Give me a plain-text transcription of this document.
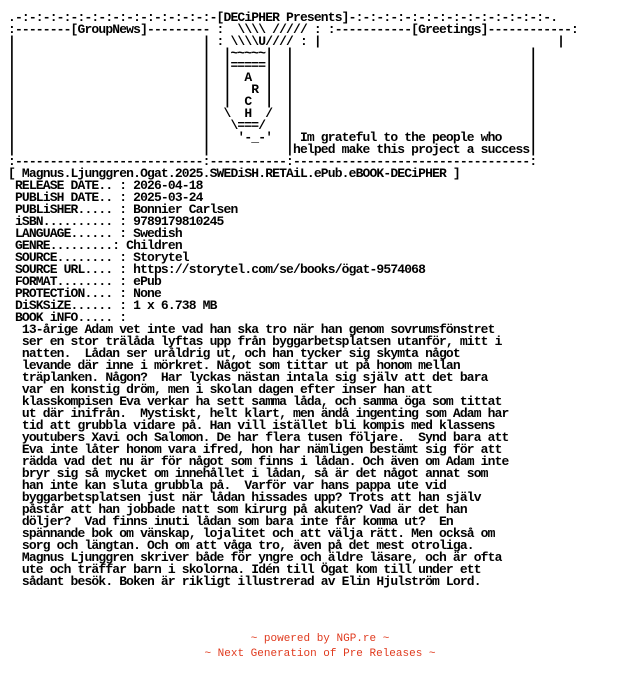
.-:-:-:-:-:-:-:-:-:-:-:-:-:-:-[DECiPHER Presents]-:-:-:-:-:-:-:-:-:-:-:-:-:-:-.
:--------[GroupNews]--------- :  \\\\ ///// : :-----------[Greetings]------------:
|                           | : \\\\U//// : |                                  |
|                           |  |~~~~~|  |                                  |
|                           |  |=====|  |                                  |
|                           |  |  A  |  |                                  |
|                           |  |   R |  |                                  |
|                           |  |  C  |  |                                  |
|                           |  \  H  /  |                                  |
|                           |   \===/   |                                  |
|                           |    '-_-'  | Im grateful to the people who    |
|                           |           |helped make this project a success|
:---------------------------:-----------:----------------------------------:
[ Magnus.Ljunggren.Ogat.2025.SWEDiSH.RETAiL.ePub.eBOOK-DECiPHER ]
RELEASE DATE.. : 2026-04-18
PUBLiSH DATE.. : 2025-03-24
PUBLiSHER..... : Bonnier Carlsen
iSBN.......... : 9789179810245
LANGUAGE...... : Swedish
GENRE.........: Children
SOURCE........ : Storytel
SOURCE URL.... : https://storytel.com/se/books/ögat-9574068
FORMAT........ : ePub
PROTECTiON.... : None
DiSKSiZE...... : 1 x 6.738 MB
BOOK iNFO..... :
13-årige Adam vet inte vad han ska tro när han genom sovrumsfönstret
ser en stor trälåda lyftas upp från byggarbetsplatsen utanför, mitt i
natten.  Lådan ser uråldrig ut, och han tycker sig skymta något
levande där inne i mörkret. Något som tittar ut på honom mellan
träplanken. Någon?  Har lyckas nästan intala sig själv att det bara
var en konstig dröm, men i skolan dagen efter inser han att
klasskompisen Eva verkar ha sett samma låda, och samma öga som tittat
ut där inifrån.  Mystiskt, helt klart, men ändå ingenting som Adam har
tid att grubbla vidare på. Han vill istället bli kompis med klassens
youtubers Xavi och Salomon. De har flera tusen följare.  Synd bara att
Eva inte låter honom vara ifred, hon har nämligen bestämt sig för att
rädda vad det nu är för något som finns i lådan. Och även om Adam inte
bryr sig så mycket om innehållet i lådan, så är det något annat som
han inte kan sluta grubbla på.  Varför var hans pappa ute vid
byggarbetsplatsen just när lådan hissades upp? Trots att han själv
påstår att han jobbade natt som kirurg på akuten? Vad är det han
döljer?  Vad finns inuti lådan som bara inte får komma ut?  En
spännande bok om vänskap, lojalitet och att välja rätt. Men också om
sorg och längtan. Och om att våga tro, även på det mest otroliga.
Magnus Ljunggren skriver både för yngre och äldre läsare, och är ofta
ute och träffar barn i skolorna. Idén till Ögat kom till under ett
sådant besök. Boken är rikligt illustrerad av Elin Hjulström Lord.
~ powered by NGP.re ~
~ Next Generation of Pre Releases ~
